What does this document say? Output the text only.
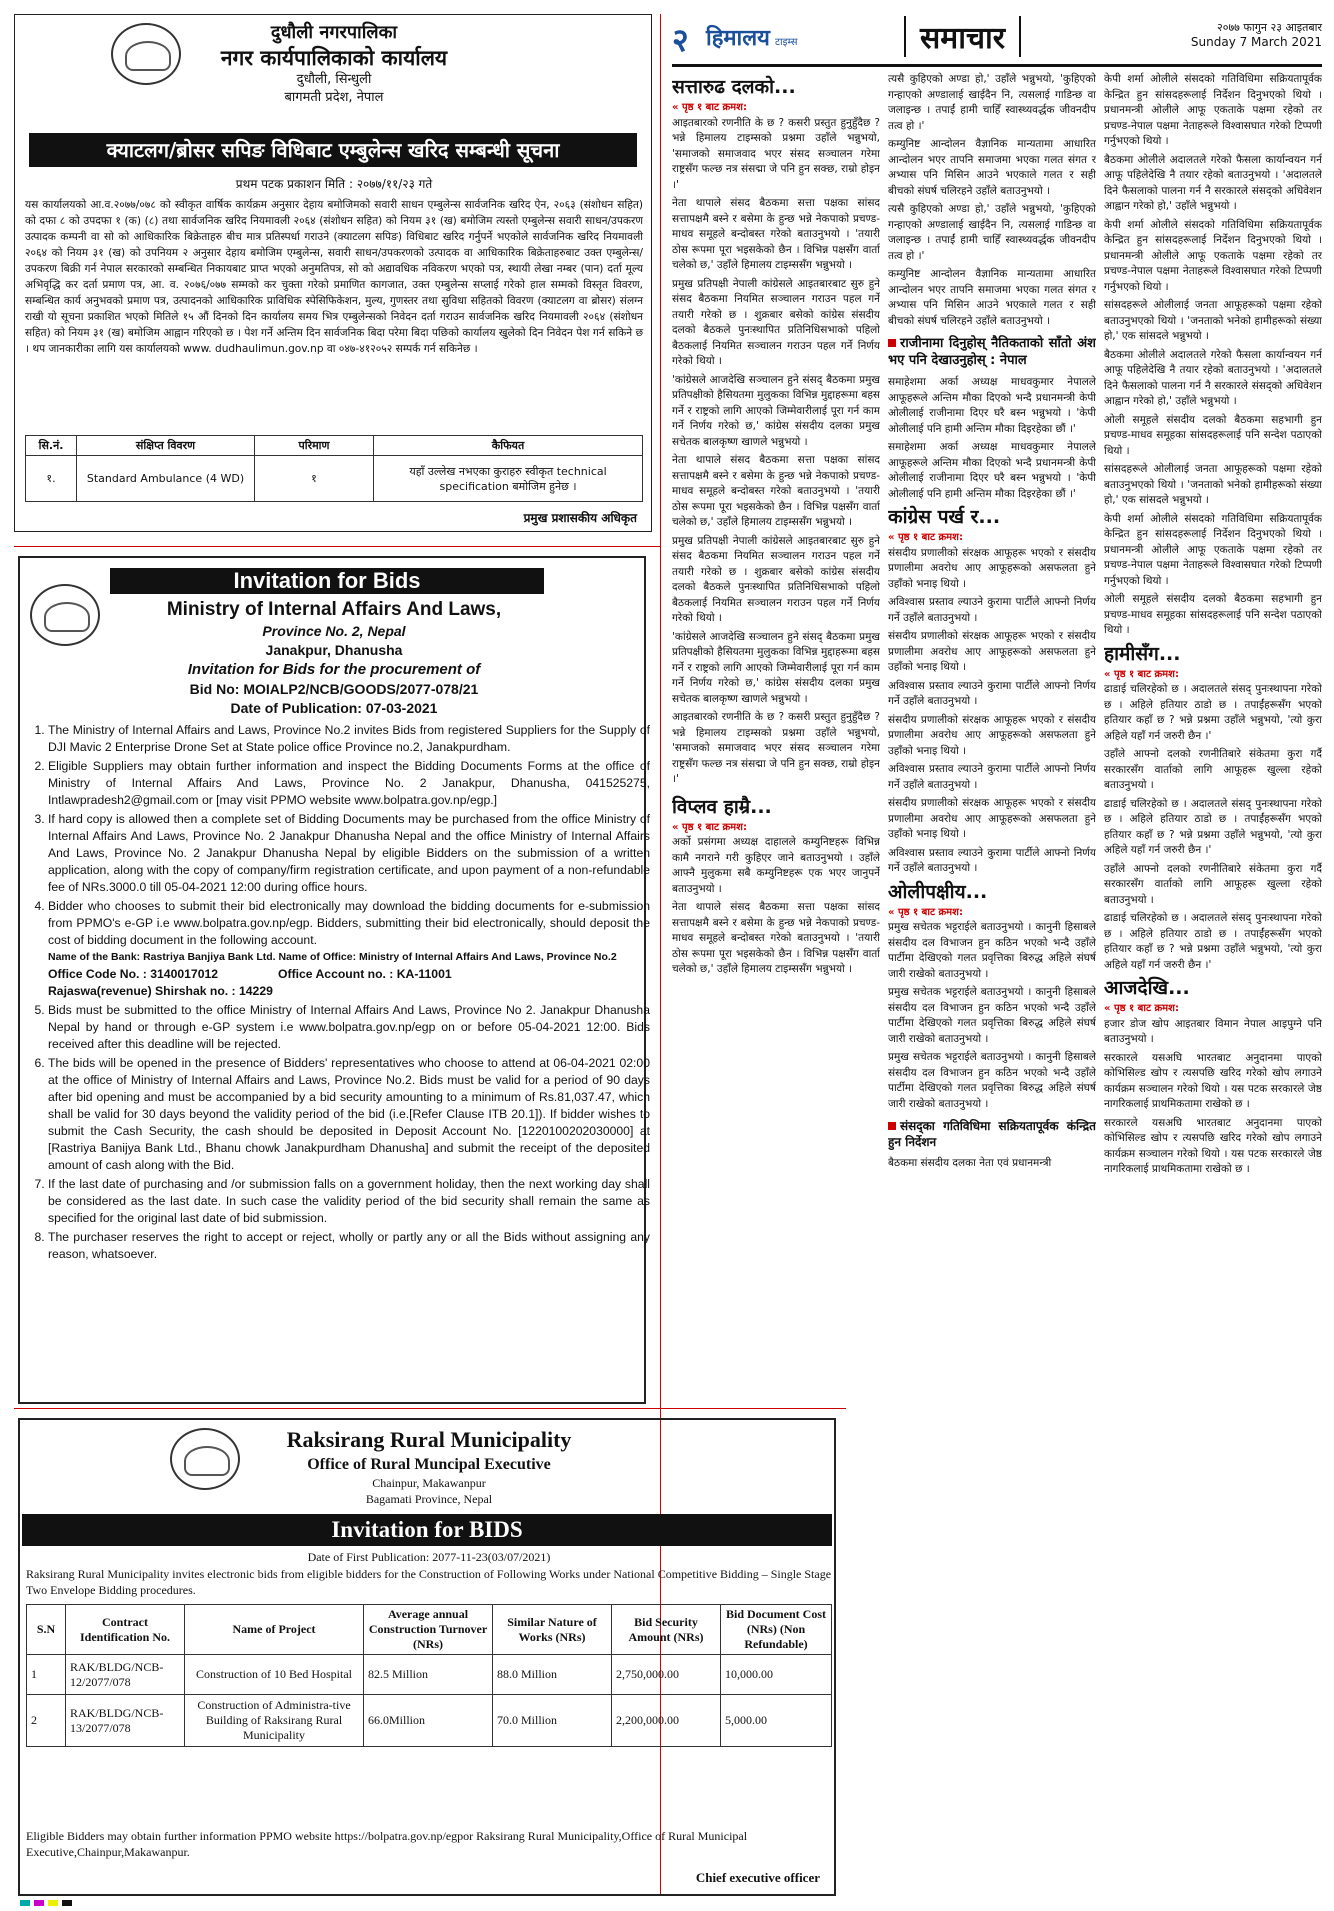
दुधौली नगरपालिका
नगर कार्यपालिकाको कार्यालय
दुधौली, सिन्धुली
बागमती प्रदेश, नेपाल
क्याटलग/ब्रोसर सपिङ विधिबाट एम्बुलेन्स खरिद सम्बन्धी सूचना
प्रथम पटक प्रकाशन मिति : २०७७/११/२३ गते
यस कार्यालयको आ.व.२०७७/०७८ को स्वीकृत वार्षिक कार्यक्रम अनुसार देहाय बमोजिमको सवारी साधन एम्बुलेन्स सार्वजनिक खरिद ऐन, २०६३ (संशोधन सहित) को दफा ८ को उपदफा १ (क) (८) तथा सार्वजनिक खरिद नियमावली २०६४ (संशोधन सहित) को नियम ३१ (ख) बमोजिम त्यस्तो एम्बुलेन्स सवारी साधन/उपकरण उत्पादक कम्पनी वा सो को आधिकारिक बिक्रेताहरु बीच मात्र प्रतिस्पर्धा गराउने (क्याटलग सपिङ) विधिबाट खरिद गर्नुपर्ने भएकोले सार्वजनिक खरिद नियमावली २०६४ को नियम ३१ (ख) को उपनियम २ अनुसार देहाय बमोजिम एम्बुलेन्स, सवारी साधन/उपकरणको उत्पादक वा आधिकारिक बिक्रेताहरुबाट उक्त एम्बुलेन्स/उपकरण बिक्री गर्न नेपाल सरकारको सम्बन्धित निकायबाट प्राप्त भएको अनुमतिपत्र, सो को अद्यावधिक नविकरण भएको पत्र, स्थायी लेखा नम्बर (पान) दर्ता मूल्य अभिवृद्धि कर दर्ता प्रमाण पत्र, आ. व. २०७६/०७७ सम्मको कर चुक्ता गरेको प्रमाणित कागजात, उक्त एम्बुलेन्स सप्लाई गरेको हाल सम्मको विस्तृत विवरण, सम्बन्धित कार्य अनुभवको प्रमाण पत्र, उत्पादनको आधिकारिक प्राविधिक स्पेसिफिकेशन, मुल्य, गुणस्तर तथा सुविधा सहितको विवरण (क्याटलग वा ब्रोसर) संलग्न राखी यो सूचना प्रकाशित भएको मितिले १५ औं दिनको दिन कार्यालय समय भित्र एम्बुलेन्सको निवेदन दर्ता गराउन सार्वजनिक खरिद नियमावली २०६४ (संशोधन सहित) को नियम ३१ (ख) बमोजिम आह्वान गरिएको छ । पेश गर्ने अन्तिम दिन सार्वजनिक बिदा परेमा बिदा पछिको कार्यालय खुलेको दिन निवेदन पेश गर्न सकिने छ । थप जानकारीका लागि यस कार्यालयको www. dudhaulimun.gov.np वा ०४७-४१२०५२ सम्पर्क गर्न सकिनेछ ।
सि.नं.	संक्षिप्त विवरण	परिमाण	कैफियत
१.	Standard Ambulance (4 WD)	१	यहाँ उल्लेख नभएका कुराहरु स्वीकृत technical specification बमोजिम हुनेछ ।
प्रमुख प्रशासकीय अधिकृत
२ हिमालय टाइम्स	समाचार	२०७७ फागुन २३ आइतबार
Sunday 7 March 2021
सत्तारुढ दलको...
« पृष्ठ १ बाट क्रमश:

आइतबारको रणनीति के छ ? कसरी प्रस्तुत हुनुहुँदैछ ? भन्ने हिमालय टाइम्सको प्रश्नमा उहाँले भन्नुभयो, 'समाजको समाजवाद भएर संसद सञ्चालन गरेमा राष्ट्रसँग फल्छ नत्र संसद्मा जे पनि हुन सक्छ, राम्रो होइन ।'

नेता थापाले संसद बैठकमा सत्ता पक्षका सांसद सत्तापक्षमै बस्ने र बसेमा के हुन्छ भन्ने नेकपाको प्रचण्ड-माधव समूहले बन्दोबस्त गरेको बताउनुभयो । 'तयारी ठोस रूपमा पूरा भइसकेको छैन । विभिन्न पक्षसँग वार्ता चलेको छ,' उहाँले हिमालय टाइम्ससँग भन्नुभयो ।

प्रमुख प्रतिपक्षी नेपाली कांग्रेसले आइतबारबाट सुरु हुने संसद बैठकमा नियमित सञ्चालन गराउन पहल गर्ने तयारी गरेको छ । शुक्रबार बसेको कांग्रेस संसदीय दलको बैठकले पुनःस्थापित प्रतिनिधिसभाको पहिलो बैठकलाई नियमित सञ्चालन गराउन पहल गर्ने निर्णय गरेको थियो ।

'कांग्रेसले आजदेखि सञ्चालन हुने संसद् बैठकमा प्रमुख प्रतिपक्षीको हैसियतमा मुलुकका विभिन्न मुद्दाहरूमा बहस गर्ने र राष्ट्रको लागि आएको जिम्मेवारीलाई पूरा गर्न काम गर्ने निर्णय गरेको छ,' कांग्रेस संसदीय दलका प्रमुख सचेतक बालकृष्ण खाणले भन्नुभयो ।

नेता थापाले संसद बैठकमा सत्ता पक्षका सांसद सत्तापक्षमै बस्ने र बसेमा के हुन्छ भन्ने नेकपाको प्रचण्ड-माधव समूहले बन्दोबस्त गरेको बताउनुभयो । 'तयारी ठोस रूपमा पूरा भइसकेको छैन । विभिन्न पक्षसँग वार्ता चलेको छ,' उहाँले हिमालय टाइम्ससँग भन्नुभयो ।

प्रमुख प्रतिपक्षी नेपाली कांग्रेसले आइतबारबाट सुरु हुने संसद बैठकमा नियमित सञ्चालन गराउन पहल गर्ने तयारी गरेको छ । शुक्रबार बसेको कांग्रेस संसदीय दलको बैठकले पुनःस्थापित प्रतिनिधिसभाको पहिलो बैठकलाई नियमित सञ्चालन गराउन पहल गर्ने निर्णय गरेको थियो ।

'कांग्रेसले आजदेखि सञ्चालन हुने संसद् बैठकमा प्रमुख प्रतिपक्षीको हैसियतमा मुलुकका विभिन्न मुद्दाहरूमा बहस गर्ने र राष्ट्रको लागि आएको जिम्मेवारीलाई पूरा गर्न काम गर्ने निर्णय गरेको छ,' कांग्रेस संसदीय दलका प्रमुख सचेतक बालकृष्ण खाणले भन्नुभयो ।

आइतबारको रणनीति के छ ? कसरी प्रस्तुत हुनुहुँदैछ ? भन्ने हिमालय टाइम्सको प्रश्नमा उहाँले भन्नुभयो, 'समाजको समाजवाद भएर संसद सञ्चालन गरेमा राष्ट्रसँग फल्छ नत्र संसद्मा जे पनि हुन सक्छ, राम्रो होइन ।'

विप्लव हाम्रै...
« पृष्ठ १ बाट क्रमश:

अर्को प्रसंगमा अध्यक्ष दाहालले कम्युनिष्टहरू विभिन्न कामै नगराने गरी कुहिएर जाने बताउनुभयो । उहाँले आफ्नै मुलुकमा सबै कम्युनिष्टहरू एक भएर जानुपर्ने बताउनुभयो ।

नेता थापाले संसद बैठकमा सत्ता पक्षका सांसद सत्तापक्षमै बस्ने र बसेमा के हुन्छ भन्ने नेकपाको प्रचण्ड-माधव समूहले बन्दोबस्त गरेको बताउनुभयो । 'तयारी ठोस रूपमा पूरा भइसकेको छैन । विभिन्न पक्षसँग वार्ता चलेको छ,' उहाँले हिमालय टाइम्ससँग भन्नुभयो ।

त्यसै कुहिएको अण्डा हो,' उहाँले भन्नुभयो, 'कुहिएको गन्हाएको अण्डालाई खाईदैन नि, त्यसलाई गाडिन्छ वा जलाइन्छ । तपाईं हामी चाहिँ स्वास्थ्यवर्द्धक जीवनदीप तत्व हो ।'

कम्युनिष्ट आन्दोलन वैज्ञानिक मान्यतामा आधारित आन्दोलन भएर तापनि समाजमा भएका गलत संगत र अभ्यास पनि मिसिन आउने भएकाले गलत र सही बीचको संघर्ष चलिरहने उहाँले बताउनुभयो ।

त्यसै कुहिएको अण्डा हो,' उहाँले भन्नुभयो, 'कुहिएको गन्हाएको अण्डालाई खाईदैन नि, त्यसलाई गाडिन्छ वा जलाइन्छ । तपाईं हामी चाहिँ स्वास्थ्यवर्द्धक जीवनदीप तत्व हो ।'

कम्युनिष्ट आन्दोलन वैज्ञानिक मान्यतामा आधारित आन्दोलन भएर तापनि समाजमा भएका गलत संगत र अभ्यास पनि मिसिन आउने भएकाले गलत र सही बीचको संघर्ष चलिरहने उहाँले बताउनुभयो ।

राजीनामा दिनुहोस् नैतिकताको साँतो अंश भए पनि देखाउनुहोस् : नेपाल

समाहेशमा अर्का अध्यक्ष माधवकुमार नेपालले आफूहरूले अन्तिम मौका दिएको भन्दै प्रधानमन्त्री केपी ओलीलाई राजीनामा दिएर घरै बस्न भन्नुभयो । 'केपी ओलीलाई पनि हामी अन्तिम मौका दिइरहेका छौं ।'

समाहेशमा अर्का अध्यक्ष माधवकुमार नेपालले आफूहरूले अन्तिम मौका दिएको भन्दै प्रधानमन्त्री केपी ओलीलाई राजीनामा दिएर घरै बस्न भन्नुभयो । 'केपी ओलीलाई पनि हामी अन्तिम मौका दिइरहेका छौं ।'

कांग्रेस पर्ख र...
« पृष्ठ १ बाट क्रमश:

संसदीय प्रणालीको संरक्षक आफूहरू भएको र संसदीय प्रणालीमा अवरोध आए आफूहरूको असफलता हुने उहाँको भनाइ थियो ।

अविश्वास प्रस्ताव ल्याउने कुरामा पार्टीले आफ्नो निर्णय गर्ने उहाँले बताउनुभयो ।

संसदीय प्रणालीको संरक्षक आफूहरू भएको र संसदीय प्रणालीमा अवरोध आए आफूहरूको असफलता हुने उहाँको भनाइ थियो ।

अविश्वास प्रस्ताव ल्याउने कुरामा पार्टीले आफ्नो निर्णय गर्ने उहाँले बताउनुभयो ।

संसदीय प्रणालीको संरक्षक आफूहरू भएको र संसदीय प्रणालीमा अवरोध आए आफूहरूको असफलता हुने उहाँको भनाइ थियो ।

अविश्वास प्रस्ताव ल्याउने कुरामा पार्टीले आफ्नो निर्णय गर्ने उहाँले बताउनुभयो ।

संसदीय प्रणालीको संरक्षक आफूहरू भएको र संसदीय प्रणालीमा अवरोध आए आफूहरूको असफलता हुने उहाँको भनाइ थियो ।

अविश्वास प्रस्ताव ल्याउने कुरामा पार्टीले आफ्नो निर्णय गर्ने उहाँले बताउनुभयो ।

ओलीपक्षीय...
« पृष्ठ १ बाट क्रमश:

प्रमुख सचेतक भट्टराईले बताउनुभयो । कानुनी हिसाबले संसदीय दल विभाजन हुन कठिन भएको भन्दै उहाँले पार्टीमा देखिएको गलत प्रवृत्तिका बिरुद्ध अहिले संघर्ष जारी राखेको बताउनुभयो ।

प्रमुख सचेतक भट्टराईले बताउनुभयो । कानुनी हिसाबले संसदीय दल विभाजन हुन कठिन भएको भन्दै उहाँले पार्टीमा देखिएको गलत प्रवृत्तिका बिरुद्ध अहिले संघर्ष जारी राखेको बताउनुभयो ।

प्रमुख सचेतक भट्टराईले बताउनुभयो । कानुनी हिसाबले संसदीय दल विभाजन हुन कठिन भएको भन्दै उहाँले पार्टीमा देखिएको गलत प्रवृत्तिका बिरुद्ध अहिले संघर्ष जारी राखेको बताउनुभयो ।

संसद्का गतिविधिमा सक्रियतापूर्वक कंन्द्रित हुन निर्देशन

बैठकमा संसदीय दलका नेता एवं प्रधानमन्त्री

केपी शर्मा ओलीले संसदको गतिविधिमा सक्रियतापूर्वक केन्द्रित हुन सांसदहरूलाई निर्देशन दिनुभएको थियो । प्रधानमन्त्री ओलीले आफू एकताके पक्षमा रहेको तर प्रचण्ड-नेपाल पक्षमा नेताहरूले विश्वासघात गरेको टिप्पणी गर्नुभएको थियो ।

बैठकमा ओलीले अदालतले गरेको फैसला कार्यान्वयन गर्न आफू पहिलेदेखि नै तयार रहेको बताउनुभयो । 'अदालतले दिने फैसलाको पालना गर्न नै सरकारले संसद्को अधिवेशन आह्वान गरेको हो,' उहाँले भन्नुभयो ।

केपी शर्मा ओलीले संसदको गतिविधिमा सक्रियतापूर्वक केन्द्रित हुन सांसदहरूलाई निर्देशन दिनुभएको थियो । प्रधानमन्त्री ओलीले आफू एकताके पक्षमा रहेको तर प्रचण्ड-नेपाल पक्षमा नेताहरूले विश्वासघात गरेको टिप्पणी गर्नुभएको थियो ।

सांसदहरूले ओलीलाई जनता आफूहरूको पक्षमा रहेको बताउनुभएको थियो । 'जनताको भनेको हामीहरूको संख्या हो,' एक सांसदले भन्नुभयो ।

बैठकमा ओलीले अदालतले गरेको फैसला कार्यान्वयन गर्न आफू पहिलेदेखि नै तयार रहेको बताउनुभयो । 'अदालतले दिने फैसलाको पालना गर्न नै सरकारले संसद्को अधिवेशन आह्वान गरेको हो,' उहाँले भन्नुभयो ।

ओली समूहले संसदीय दलको बैठकमा सहभागी हुन प्रचण्ड-माधव समूहका सांसदहरूलाई पनि सन्देश पठाएको थियो ।

सांसदहरूले ओलीलाई जनता आफूहरूको पक्षमा रहेको बताउनुभएको थियो । 'जनताको भनेको हामीहरूको संख्या हो,' एक सांसदले भन्नुभयो ।

केपी शर्मा ओलीले संसदको गतिविधिमा सक्रियतापूर्वक केन्द्रित हुन सांसदहरूलाई निर्देशन दिनुभएको थियो । प्रधानमन्त्री ओलीले आफू एकताके पक्षमा रहेको तर प्रचण्ड-नेपाल पक्षमा नेताहरूले विश्वासघात गरेको टिप्पणी गर्नुभएको थियो ।

ओली समूहले संसदीय दलको बैठकमा सहभागी हुन प्रचण्ड-माधव समूहका सांसदहरूलाई पनि सन्देश पठाएको थियो ।

हामीसँग...
« पृष्ठ १ बाट क्रमश:

ढाडाई चलिरहेको छ । अदालतले संसद् पुनःस्थापना गरेको छ । अहिले हतियार ठाडो छ । तपाईंहरूसँग भएको हतियार कहाँ छ ? भन्ने प्रश्नमा उहाँले भन्नुभयो, 'त्यो कुरा अहिले यहाँ गर्न जरुरी छैन ।'

उहाँले आफ्नो दलको रणनीतिबारे संकेतमा कुरा गर्दै सरकारसँग वार्ताको लागि आफूहरू खुल्ला रहेको बताउनुभयो ।

ढाडाई चलिरहेको छ । अदालतले संसद् पुनःस्थापना गरेको छ । अहिले हतियार ठाडो छ । तपाईंहरूसँग भएको हतियार कहाँ छ ? भन्ने प्रश्नमा उहाँले भन्नुभयो, 'त्यो कुरा अहिले यहाँ गर्न जरुरी छैन ।'

उहाँले आफ्नो दलको रणनीतिबारे संकेतमा कुरा गर्दै सरकारसँग वार्ताको लागि आफूहरू खुल्ला रहेको बताउनुभयो ।

ढाडाई चलिरहेको छ । अदालतले संसद् पुनःस्थापना गरेको छ । अहिले हतियार ठाडो छ । तपाईंहरूसँग भएको हतियार कहाँ छ ? भन्ने प्रश्नमा उहाँले भन्नुभयो, 'त्यो कुरा अहिले यहाँ गर्न जरुरी छैन ।'

आजदेखि...
« पृष्ठ १ बाट क्रमश:

हजार डोज खोप आइतबार विमान नेपाल आइपुग्ने पनि बताउनुभयो ।

सरकारले यसअघि भारतबाट अनुदानमा पाएको कोभिसिल्ड खोप र त्यसपछि खरिद गरेको खोप लगाउने कार्यक्रम सञ्चालन गरेको थियो । यस पटक सरकारले जेष्ठ नागरिकलाई प्राथमिकतामा राखेको छ ।

सरकारले यसअघि भारतबाट अनुदानमा पाएको कोभिसिल्ड खोप र त्यसपछि खरिद गरेको खोप लगाउने कार्यक्रम सञ्चालन गरेको थियो । यस पटक सरकारले जेष्ठ नागरिकलाई प्राथमिकतामा राखेको छ ।

Invitation for Bids
Ministry of Internal Affairs And Laws,
Province No. 2, Nepal
Janakpur, Dhanusha
Invitation for Bids for the procurement of
Bid No: MOIALP2/NCB/GOODS/2077-078/21
Date of Publication: 07-03-2021
1. The Ministry of Internal Affairs and Laws, Province No.2 invites Bids from registered Suppliers for the Supply of DJI Mavic 2 Enterprise Drone Set at State police office Province no.2, Janakpurdham.
2. Eligible Suppliers may obtain further information and inspect the Bidding Documents Forms at the office of Ministry of Internal Affairs And Laws, Province No. 2 Janakpur, Dhanusha, 041525275, Intlawpradesh2@gmail.com or [may visit PPMO website www.bolpatra.gov.np/egp.]
3. If hard copy is allowed then a complete set of Bidding Documents may be purchased from the office Ministry of Internal Affairs And Laws, Province No. 2 Janakpur Dhanusha Nepal and the office Ministry of Internal Affairs And Laws, Province No. 2 Janakpur Dhanusha Nepal by eligible Bidders on the submission of a written application, along with the copy of company/firm registration certificate, and upon payment of a non-refundable fee of NRs.3000.0 till 05-04-2021 12:00 during office hours.
4. Bidder who chooses to submit their bid electronically may download the bidding documents for e-submission from PPMO's e-GP i.e www.bolpatra.gov.np/egp. Bidders, submitting their bid electronically, should deposit the cost of bidding document in the following account.
Name of the Bank: Rastriya Banjiya Bank Ltd. Name of Office: Ministry of Internal Affairs And Laws, Province No.2
Office Code No. : 3140017012	Office Account no. : KA-11001
Rajaswa(revenue) Shirshak no. : 14229
5. Bids must be submitted to the office Ministry of Internal Affairs And Laws, Province No 2. Janakpur Dhanusha Nepal by hand or through e-GP system i.e www.bolpatra.gov.np/egp on or before 05-04-2021 12:00. Bids received after this deadline will be rejected.
6. The bids will be opened in the presence of Bidders' representatives who choose to attend at 06-04-2021 02:00 at the office of Ministry of Internal Affairs and Laws, Province No.2. Bids must be valid for a period of 90 days after bid opening and must be accompanied by a bid security amounting to a minimum of Rs.81,037.47, which shall be valid for 30 days beyond the validity period of the bid (i.e.[Refer Clause ITB 20.1]). If bidder wishes to submit the Cash Security, the cash should be deposited in Deposit Account No. [1220100202030000] at [Rastriya Banijya Bank Ltd., Bhanu chowk Janakpurdham Dhanusha] and submit the receipt of the deposited amount of cash along with the Bid.
7. If the last date of purchasing and /or submission falls on a government holiday, then the next working day shall be considered as the last date. In such case the validity period of the bid security shall remain the same as specified for the original last date of bid submission.
8. The purchaser reserves the right to accept or reject, wholly or partly any or all the Bids without assigning any reason, whatsoever.
Raksirang Rural Municipality
Office of Rural Muncipal Executive
Chainpur, Makawanpur
Bagamati Province, Nepal
Invitation for BIDS
Date of First Publication: 2077-11-23(03/07/2021)
Raksirang Rural Municipality invites electronic bids from eligible bidders for the Construction of Following Works under National Competitive Bidding – Single Stage Two Envelope Bidding procedures.
S.N	Contract Identification No.	Name of Project	Average annual Construction Turnover (NRs)	Similar Nature of Works (NRs)	Bid Security Amount (NRs)	Bid Document Cost (NRs) (Non Refundable)
1	RAK/BLDG/NCB-12/2077/078	Construction of 10 Bed Hospital	82.5 Million	88.0 Million	2,750,000.00	10,000.00
2	RAK/BLDG/NCB-13/2077/078	Construction of Administra-tive Building of Raksirang Rural Municipality	66.0Million	70.0 Million	2,200,000.00	5,000.00
Eligible Bidders may obtain further information PPMO website https://bolpatra.gov.np/egpor Raksirang Rural Municipality,Office of Rural Municipal Executive,Chainpur,Makawanpur.
Chief executive officer
